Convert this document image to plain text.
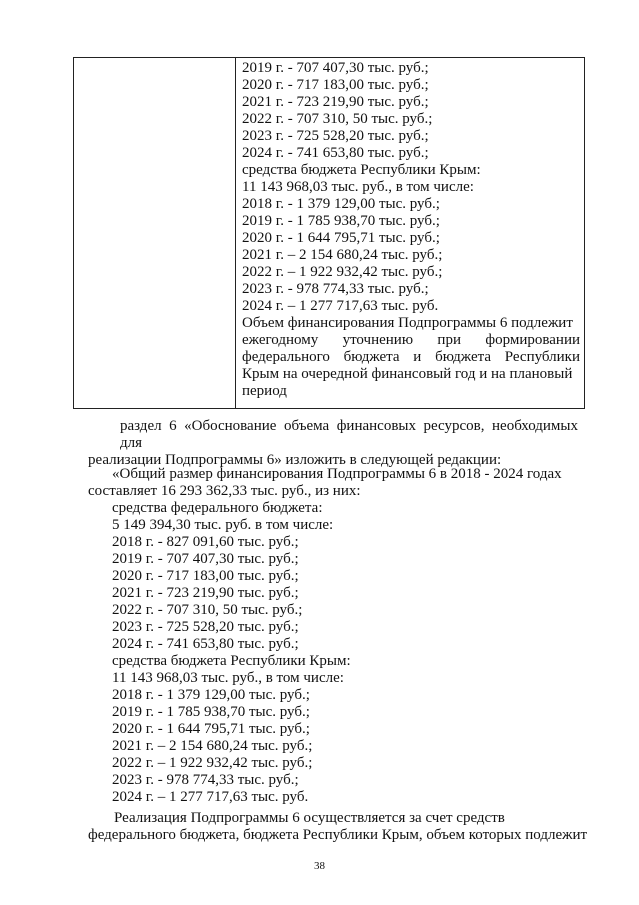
2019 г. - 707 407,30 тыс. руб.;
2020 г. - 717 183,00 тыс. руб.;
2021 г. - 723 219,90 тыс. руб.;
2022 г. - 707 310, 50 тыс. руб.;
2023 г. - 725 528,20 тыс. руб.;
2024 г. - 741 653,80 тыс. руб.;
средства бюджета Республики Крым:
11 143 968,03 тыс. руб., в том числе:
2018 г. - 1 379 129,00 тыс. руб.;
2019 г. - 1 785 938,70 тыс. руб.;
2020 г. - 1 644 795,71 тыс. руб.;
2021 г. – 2 154 680,24 тыс. руб.;
2022 г. – 1 922 932,42 тыс. руб.;
2023 г. - 978 774,33 тыс. руб.;
2024 г. – 1 277 717,63 тыс. руб.
Объем финансирования Подпрограммы 6 подлежит
ежегодному уточнению при формировании
федерального бюджета и бюджета Республики
Крым на очередной финансовый год и на плановый
период
раздел 6 «Обоснование объема финансовых ресурсов, необходимых для
реализации Подпрограммы 6» изложить в следующей редакции:
«Общий размер финансирования Подпрограммы 6 в 2018 - 2024 годах
составляет 16 293 362,33 тыс. руб., из них:
средства федерального бюджета:
5 149 394,30 тыс. руб. в том числе:
2018 г. - 827 091,60 тыс. руб.;
2019 г. - 707 407,30 тыс. руб.;
2020 г. - 717 183,00 тыс. руб.;
2021 г. - 723 219,90 тыс. руб.;
2022 г. - 707 310, 50 тыс. руб.;
2023 г. - 725 528,20 тыс. руб.;
2024 г. - 741 653,80 тыс. руб.;
средства бюджета Республики Крым:
11 143 968,03 тыс. руб., в том числе:
2018 г. - 1 379 129,00 тыс. руб.;
2019 г. - 1 785 938,70 тыс. руб.;
2020 г. - 1 644 795,71 тыс. руб.;
2021 г. – 2 154 680,24 тыс. руб.;
2022 г. – 1 922 932,42 тыс. руб.;
2023 г. - 978 774,33 тыс. руб.;
2024 г. – 1 277 717,63 тыс. руб.
Реализация Подпрограммы 6 осуществляется за счет средств
федерального бюджета, бюджета Республики Крым, объем которых подлежит
38
